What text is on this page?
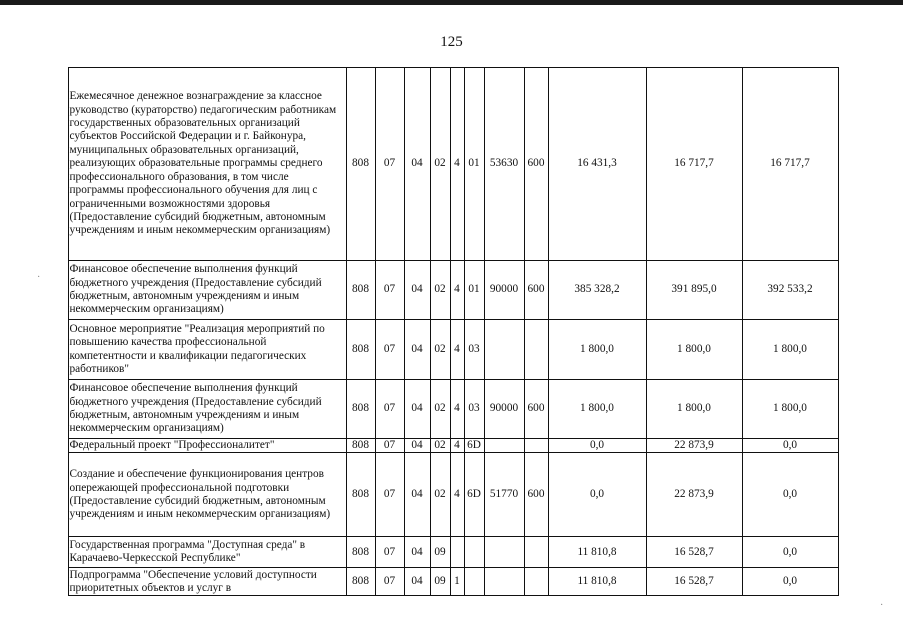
125
	Ежемесячное денежное вознаграждение за классное руководство (кураторство) педагогическим работникам государственных образовательных организаций субъектов Российской Федерации и г. Байконура, муниципальных образовательных организаций, реализующих образовательные программы среднего профессионального образования, в том числе программы профессионального обучения для лиц с ограниченными возможностями здоровья (Предоставление субсидий бюджетным, автономным учреждениям и иным некоммерческим организациям)	808	07	04	02	4	01	53630	600	16 431,3	16 717,7	16 717,7
	Финансовое обеспечение выполнения функций бюджетного учреждения (Предоставление субсидий бюджетным, автономным учреждениям и иным некоммерческим организациям)	808	07	04	02	4	01	90000	600	385 328,2	391 895,0	392 533,2
	Основное мероприятие "Реализация мероприятий по повышению качества профессиональной компетентности и квалификации педагогических работников"	808	07	04	02	4	03			1 800,0	1 800,0	1 800,0
	Финансовое обеспечение выполнения функций бюджетного учреждения (Предоставление субсидий бюджетным, автономным учреждениям и иным некоммерческим организациям)	808	07	04	02	4	03	90000	600	1 800,0	1 800,0	1 800,0
	Федеральный проект "Профессионалитет"	808	07	04	02	4	6D			0,0	22 873,9	0,0
	Создание и обеспечение функционирования центров опережающей профессиональной подготовки (Предоставление субсидий бюджетным, автономным учреждениям и иным некоммерческим организациям)	808	07	04	02	4	6D	51770	600	0,0	22 873,9	0,0
	Государственная программа "Доступная среда" в Карачаево-Черкесской Республике"	808	07	04	09					11 810,8	16 528,7	0,0
	Подпрограмма "Обеспечение условий доступности приоритетных объектов и услуг в	808	07	04	09	1				11 810,8	16 528,7	0,0
·
·
